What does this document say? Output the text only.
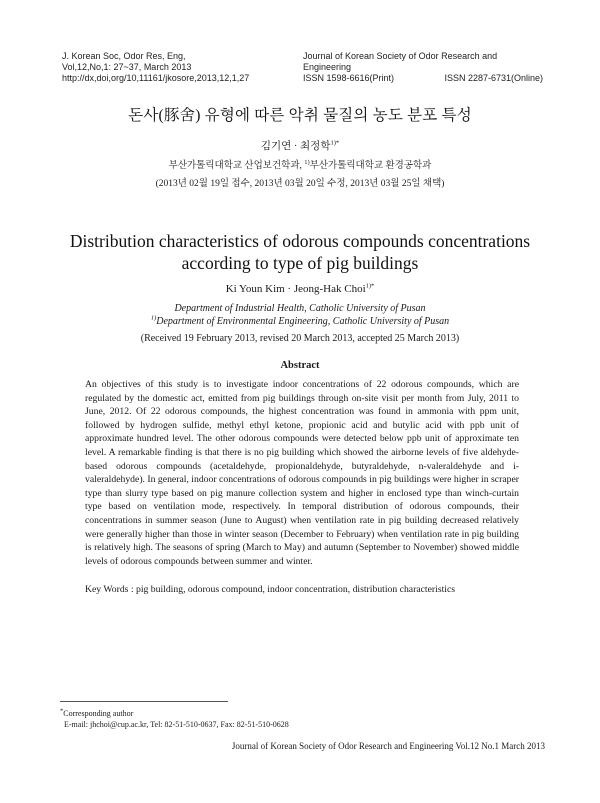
J. Korean Soc, Odor Res, Eng,
Vol,12,No,1: 27~37, March 2013
http://dx,doi,org/10,11161/jkosore,2013,12,1,27
Journal of Korean Society of Odor Research and Engineering
ISSN 1598-6616(Print)	ISSN 2287-6731(Online)
돈사(豚舍) 유형에 따른 악취 물질의 농도 분포 특성
김기연 · 최정학$^{1)*}$
부산가톨릭대학교 산업보건학과, $^{1)}$부산가톨릭대학교 환경공학과
(2013년 02월 19일 접수, 2013년 03월 20일 수정, 2013년 03월 25일 채택)
Distribution characteristics of odorous compounds concentrations
according to type of pig buildings
Ki Youn Kim · Jeong-Hak Choi$^{1)*}$
Department of Industrial Health, Catholic University of Pusan
$^{1)}$Department of Environmental Engineering, Catholic University of Pusan
(Received 19 February 2013, revised 20 March 2013, accepted 25 March 2013)
Abstract
An objectives of this study is to investigate indoor concentrations of 22 odorous compounds, which are regulated by the domestic act, emitted from pig buildings through on-site visit per month from July, 2011 to June, 2012. Of 22 odorous compounds, the highest concentration was found in ammonia with ppm unit, followed by hydrogen sulfide, methyl ethyl ketone, propionic acid and butylic acid with ppb unit of approximate hundred level. The other odorous compounds were detected below ppb unit of approximate ten level. A remarkable finding is that there is no pig building which showed the airborne levels of five aldehyde-based odorous compounds (acetaldehyde, propionaldehyde, butyraldehyde, n-valeraldehyde and i-valeraldehyde). In general, indoor concentrations of odorous compounds in pig buildings were higher in scraper type than slurry type based on pig manure collection system and higher in enclosed type than winch-curtain type based on ventilation mode, respectively. In temporal distribution of odorous compounds, their concentrations in summer season (June to August) when ventilation rate in pig building decreased relatively were generally higher than those in winter season (December to February) when ventilation rate in pig building is relatively high. The seasons of spring (March to May) and autumn (September to November) showed middle levels of odorous compounds between summer and winter.
Key Words : pig building, odorous compound, indoor concentration, distribution characteristics
*Corresponding author
E-mail: jhchoi@cup.ac.kr, Tel: 82-51-510-0637, Fax: 82-51-510-0628
Journal of Korean Society of Odor Research and Engineering Vol.12 No.1 March 2013
